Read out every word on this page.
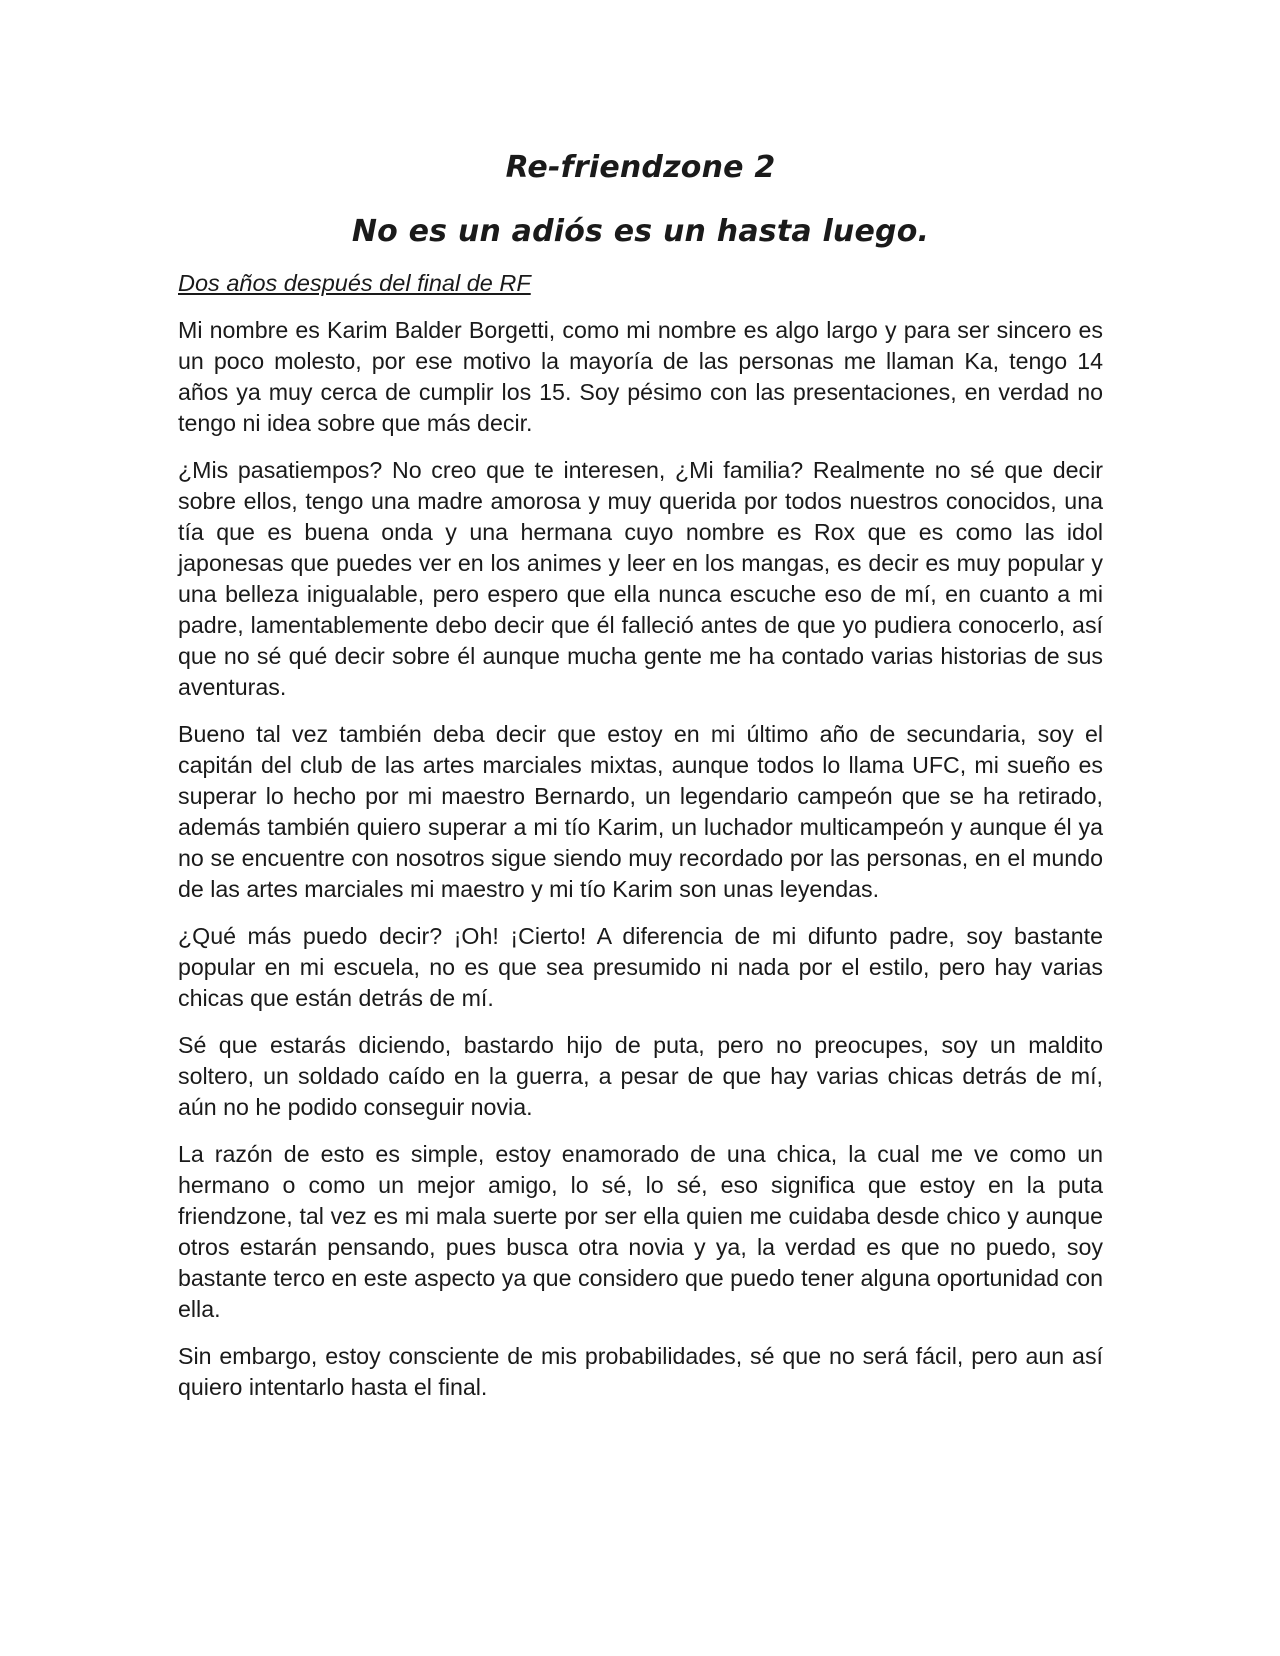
Re-friendzone 2
No es un adiós es un hasta luego.

Dos años después del final de RF

Mi nombre es Karim Balder Borgetti, como mi nombre es algo largo y para ser sincero es un poco molesto, por ese motivo la mayoría de las personas me llaman Ka, tengo 14 años ya muy cerca de cumplir los 15. Soy pésimo con las presentaciones, en verdad no tengo ni idea sobre que más decir.

¿Mis pasatiempos? No creo que te interesen, ¿Mi familia? Realmente no sé que decir sobre ellos, tengo una madre amorosa y muy querida por todos nuestros conocidos, una tía que es buena onda y una hermana cuyo nombre es Rox que es como las idol japonesas que puedes ver en los animes y leer en los mangas, es decir es muy popular y una belleza inigualable, pero espero que ella nunca escuche eso de mí, en cuanto a mi padre, lamentablemente debo decir que él falleció antes de que yo pudiera conocerlo, así que no sé qué decir sobre él aunque mucha gente me ha contado varias historias de sus aventuras.

Bueno tal vez también deba decir que estoy en mi último año de secundaria, soy el capitán del club de las artes marciales mixtas, aunque todos lo llama UFC, mi sueño es superar lo hecho por mi maestro Bernardo, un legendario campeón que se ha retirado, además también quiero superar a mi tío Karim, un luchador multicampeón y aunque él ya no se encuentre con nosotros sigue siendo muy recordado por las personas, en el mundo de las artes marciales mi maestro y mi tío Karim son unas leyendas.

¿Qué más puedo decir? ¡Oh! ¡Cierto! A diferencia de mi difunto padre, soy bastante popular en mi escuela, no es que sea presumido ni nada por el estilo, pero hay varias chicas que están detrás de mí.

Sé que estarás diciendo, bastardo hijo de puta, pero no preocupes, soy un maldito soltero, un soldado caído en la guerra, a pesar de que hay varias chicas detrás de mí, aún no he podido conseguir novia.

La razón de esto es simple, estoy enamorado de una chica, la cual me ve como un hermano o como un mejor amigo, lo sé, lo sé, eso significa que estoy en la puta friendzone, tal vez es mi mala suerte por ser ella quien me cuidaba desde chico y aunque otros estarán pensando, pues busca otra novia y ya, la verdad es que no puedo, soy bastante terco en este aspecto ya que considero que puedo tener alguna oportunidad con ella.

Sin embargo, estoy consciente de mis probabilidades, sé que no será fácil, pero aun así quiero intentarlo hasta el final.
